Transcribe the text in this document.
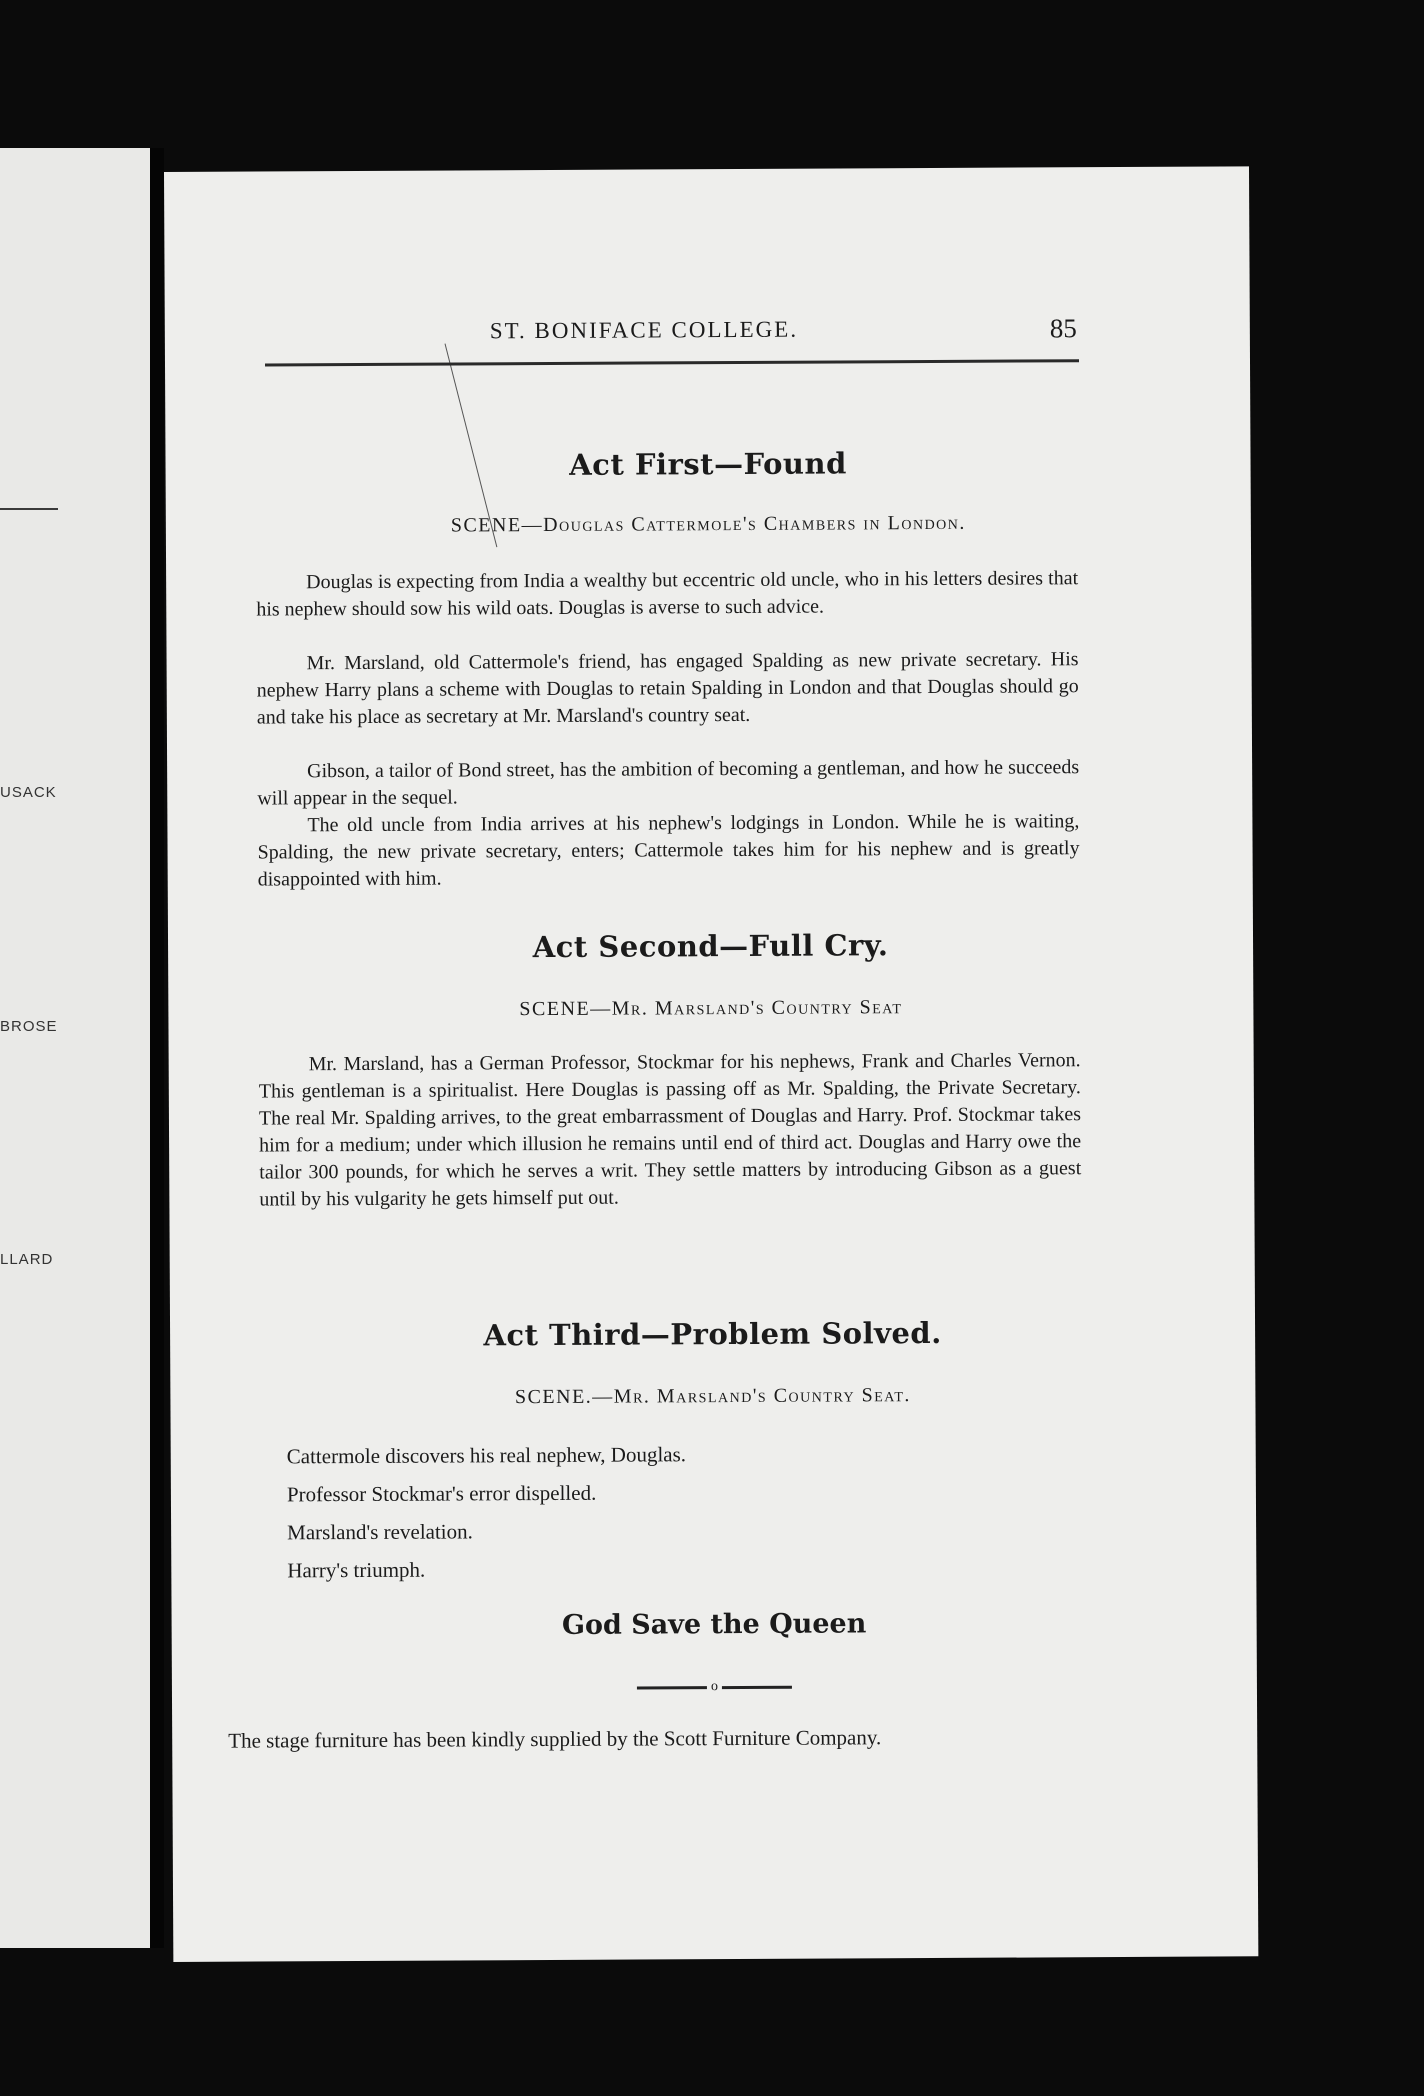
USACK
BROSE
LLARD
ST. BONIFACE COLLEGE.	85
Act First—Found
SCENE—Douglas Cattermole's Chambers in London.

Douglas is expecting from India a wealthy but eccentric old uncle, who in his letters desires that his nephew should sow his wild oats. Douglas is averse to such advice.

Mr. Marsland, old Cattermole's friend, has engaged Spalding as new private secretary. His nephew Harry plans a scheme with Douglas to retain Spalding in London and that Douglas should go and take his place as secretary at Mr. Marsland's country seat.

Gibson, a tailor of Bond street, has the ambition of becoming a gentleman, and how he succeeds will appear in the sequel.

The old uncle from India arrives at his nephew's lodgings in London. While he is waiting, Spalding, the new private secretary, enters; Cattermole takes him for his nephew and is greatly disappointed with him.

Act Second—Full Cry.
SCENE—Mr. Marsland's Country Seat

Mr. Marsland, has a German Professor, Stockmar for his nephews, Frank and Charles Vernon. This gentleman is a spiritualist. Here Douglas is passing off as Mr. Spalding, the Private Secretary. The real Mr. Spalding arrives, to the great embarrassment of Douglas and Harry. Prof. Stockmar takes him for a medium; under which illusion he remains until end of third act. Douglas and Harry owe the tailor 300 pounds, for which he serves a writ. They settle matters by introducing Gibson as a guest until by his vulgarity he gets himself put out.

Act Third—Problem Solved.
SCENE.—Mr. Marsland's Country Seat.
Cattermole discovers his real nephew, Douglas.
Professor Stockmar's error dispelled.
Marsland's revelation.
Harry's triumph.
God Save the Queen
o

The stage furniture has been kindly supplied by the Scott Furniture Company.
